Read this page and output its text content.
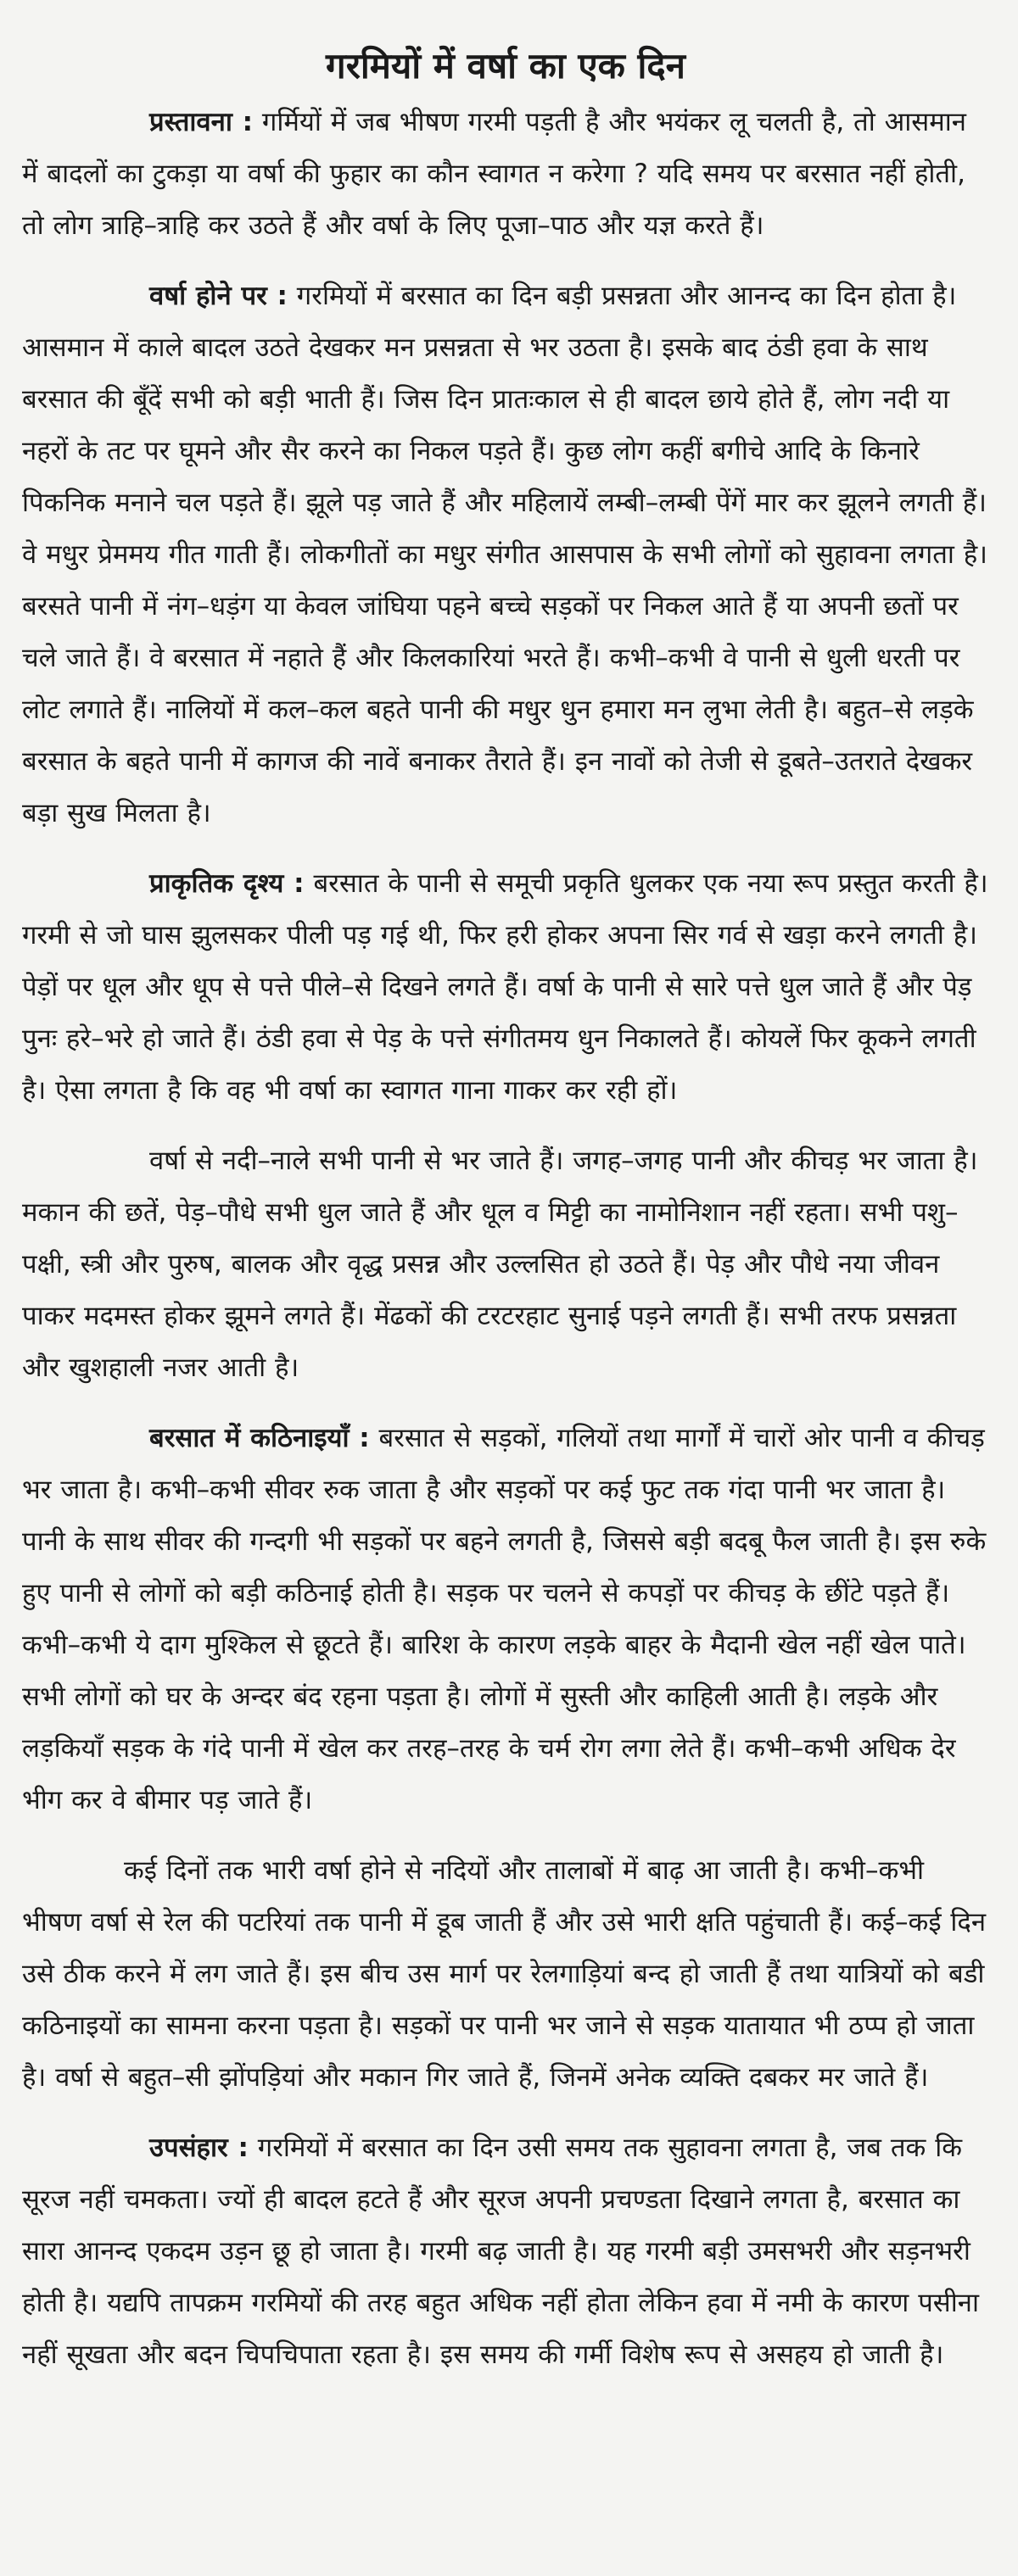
गरमियों में वर्षा का एक दिन

प्रस्तावना : गर्मियों में जब भीषण गरमी पड़ती है और भयंकर लू चलती है, तो आसमान में बादलों का टुकड़ा या वर्षा की फुहार का कौन स्वागत न करेगा ? यदि समय पर बरसात नहीं होती, तो लोग त्राहि–त्राहि कर उठते हैं और वर्षा के लिए पूजा–पाठ और यज्ञ करते हैं।

वर्षा होने पर : गरमियों में बरसात का दिन बड़ी प्रसन्नता और आनन्द का दिन होता है। आसमान में काले बादल उठते देखकर मन प्रसन्नता से भर उठता है। इसके बाद ठंडी हवा के साथ बरसात की बूँदें सभी को बड़ी भाती हैं। जिस दिन प्रातःकाल से ही बादल छाये होते हैं, लोग नदी या नहरों के तट पर घूमने और सैर करने का निकल पड़ते हैं। कुछ लोग कहीं बगीचे आदि के किनारे पिकनिक मनाने चल पड़ते हैं। झूले पड़ जाते हैं और महिलायें लम्बी–लम्बी पेंगें मार कर झूलने लगती हैं। वे मधुर प्रेममय गीत गाती हैं। लोकगीतों का मधुर संगीत आसपास के सभी लोगों को सुहावना लगता है। बरसते पानी में नंग–धड़ंग या केवल जांघिया पहने बच्चे सड़कों पर निकल आते हैं या अपनी छतों पर चले जाते हैं। वे बरसात में नहाते हैं और किलकारियां भरते हैं। कभी–कभी वे पानी से धुली धरती पर लोट लगाते हैं। नालियों में कल–कल बहते पानी की मधुर धुन हमारा मन लुभा लेती है। बहुत–से लड़के बरसात के बहते पानी में कागज की नावें बनाकर तैराते हैं। इन नावों को तेजी से डूबते–उतराते देखकर बड़ा सुख मिलता है।

प्राकृतिक दृश्य : बरसात के पानी से समूची प्रकृति धुलकर एक नया रूप प्रस्तुत करती है। गरमी से जो घास झुलसकर पीली पड़ गई थी, फिर हरी होकर अपना सिर गर्व से खड़ा करने लगती है। पेड़ों पर धूल और धूप से पत्ते पीले–से दिखने लगते हैं। वर्षा के पानी से सारे पत्ते धुल जाते हैं और पेड़ पुनः हरे–भरे हो जाते हैं। ठंडी हवा से पेड़ के पत्ते संगीतमय धुन निकालते हैं। कोयलें फिर कूकने लगती है। ऐसा लगता है कि वह भी वर्षा का स्वागत गाना गाकर कर रही हों।

वर्षा से नदी–नाले सभी पानी से भर जाते हैं। जगह–जगह पानी और कीचड़ भर जाता है। मकान की छतें, पेड़–पौधे सभी धुल जाते हैं और धूल व मिट्टी का नामोनिशान नहीं रहता। सभी पशु–पक्षी, स्त्री और पुरुष, बालक और वृद्ध प्रसन्न और उल्लसित हो उठते हैं। पेड़ और पौधे नया जीवन पाकर मदमस्त होकर झूमने लगते हैं। मेंढकों की टरटरहाट सुनाई पड़ने लगती हैं। सभी तरफ प्रसन्नता और खुशहाली नजर आती है।

बरसात में कठिनाइयाँ : बरसात से सड़कों, गलियों तथा मार्गों में चारों ओर पानी व कीचड़ भर जाता है। कभी–कभी सीवर रुक जाता है और सड़कों पर कई फुट तक गंदा पानी भर जाता है। पानी के साथ सीवर की गन्दगी भी सड़कों पर बहने लगती है, जिससे बड़ी बदबू फैल जाती है। इस रुके हुए पानी से लोगों को बड़ी कठिनाई होती है। सड़क पर चलने से कपड़ों पर कीचड़ के छींटे पड़ते हैं। कभी–कभी ये दाग मुश्किल से छूटते हैं। बारिश के कारण लड़के बाहर के मैदानी खेल नहीं खेल पाते। सभी लोगों को घर के अन्दर बंद रहना पड़ता है। लोगों में सुस्ती और काहिली आती है। लड़के और लड़कियाँ सड़क के गंदे पानी में खेल कर तरह–तरह के चर्म रोग लगा लेते हैं। कभी–कभी अधिक देर भीग कर वे बीमार पड़ जाते हैं।

कई दिनों तक भारी वर्षा होने से नदियों और तालाबों में बाढ़ आ जाती है। कभी–कभी भीषण वर्षा से रेल की पटरियां तक पानी में डूब जाती हैं और उसे भारी क्षति पहुंचाती हैं। कई–कई दिन उसे ठीक करने में लग जाते हैं। इस बीच उस मार्ग पर रेलगाड़ियां बन्द हो जाती हैं तथा यात्रियों को बडी कठिनाइयों का सामना करना पड़ता है। सड़कों पर पानी भर जाने से सड़क यातायात भी ठप्प हो जाता है। वर्षा से बहुत–सी झोंपड़ियां और मकान गिर जाते हैं, जिनमें अनेक व्यक्ति दबकर मर जाते हैं।

उपसंहार : गरमियों में बरसात का दिन उसी समय तक सुहावना लगता है, जब तक कि सूरज नहीं चमकता। ज्यों ही बादल हटते हैं और सूरज अपनी प्रचण्डता दिखाने लगता है, बरसात का सारा आनन्द एकदम उड़न छू हो जाता है। गरमी बढ़ जाती है। यह गरमी बड़ी उमसभरी और सड़नभरी होती है। यद्यपि तापक्रम गरमियों की तरह बहुत अधिक नहीं होता लेकिन हवा में नमी के कारण पसीना नहीं सूखता और बदन चिपचिपाता रहता है। इस समय की गर्मी विशेष रूप से असहय हो जाती है।
